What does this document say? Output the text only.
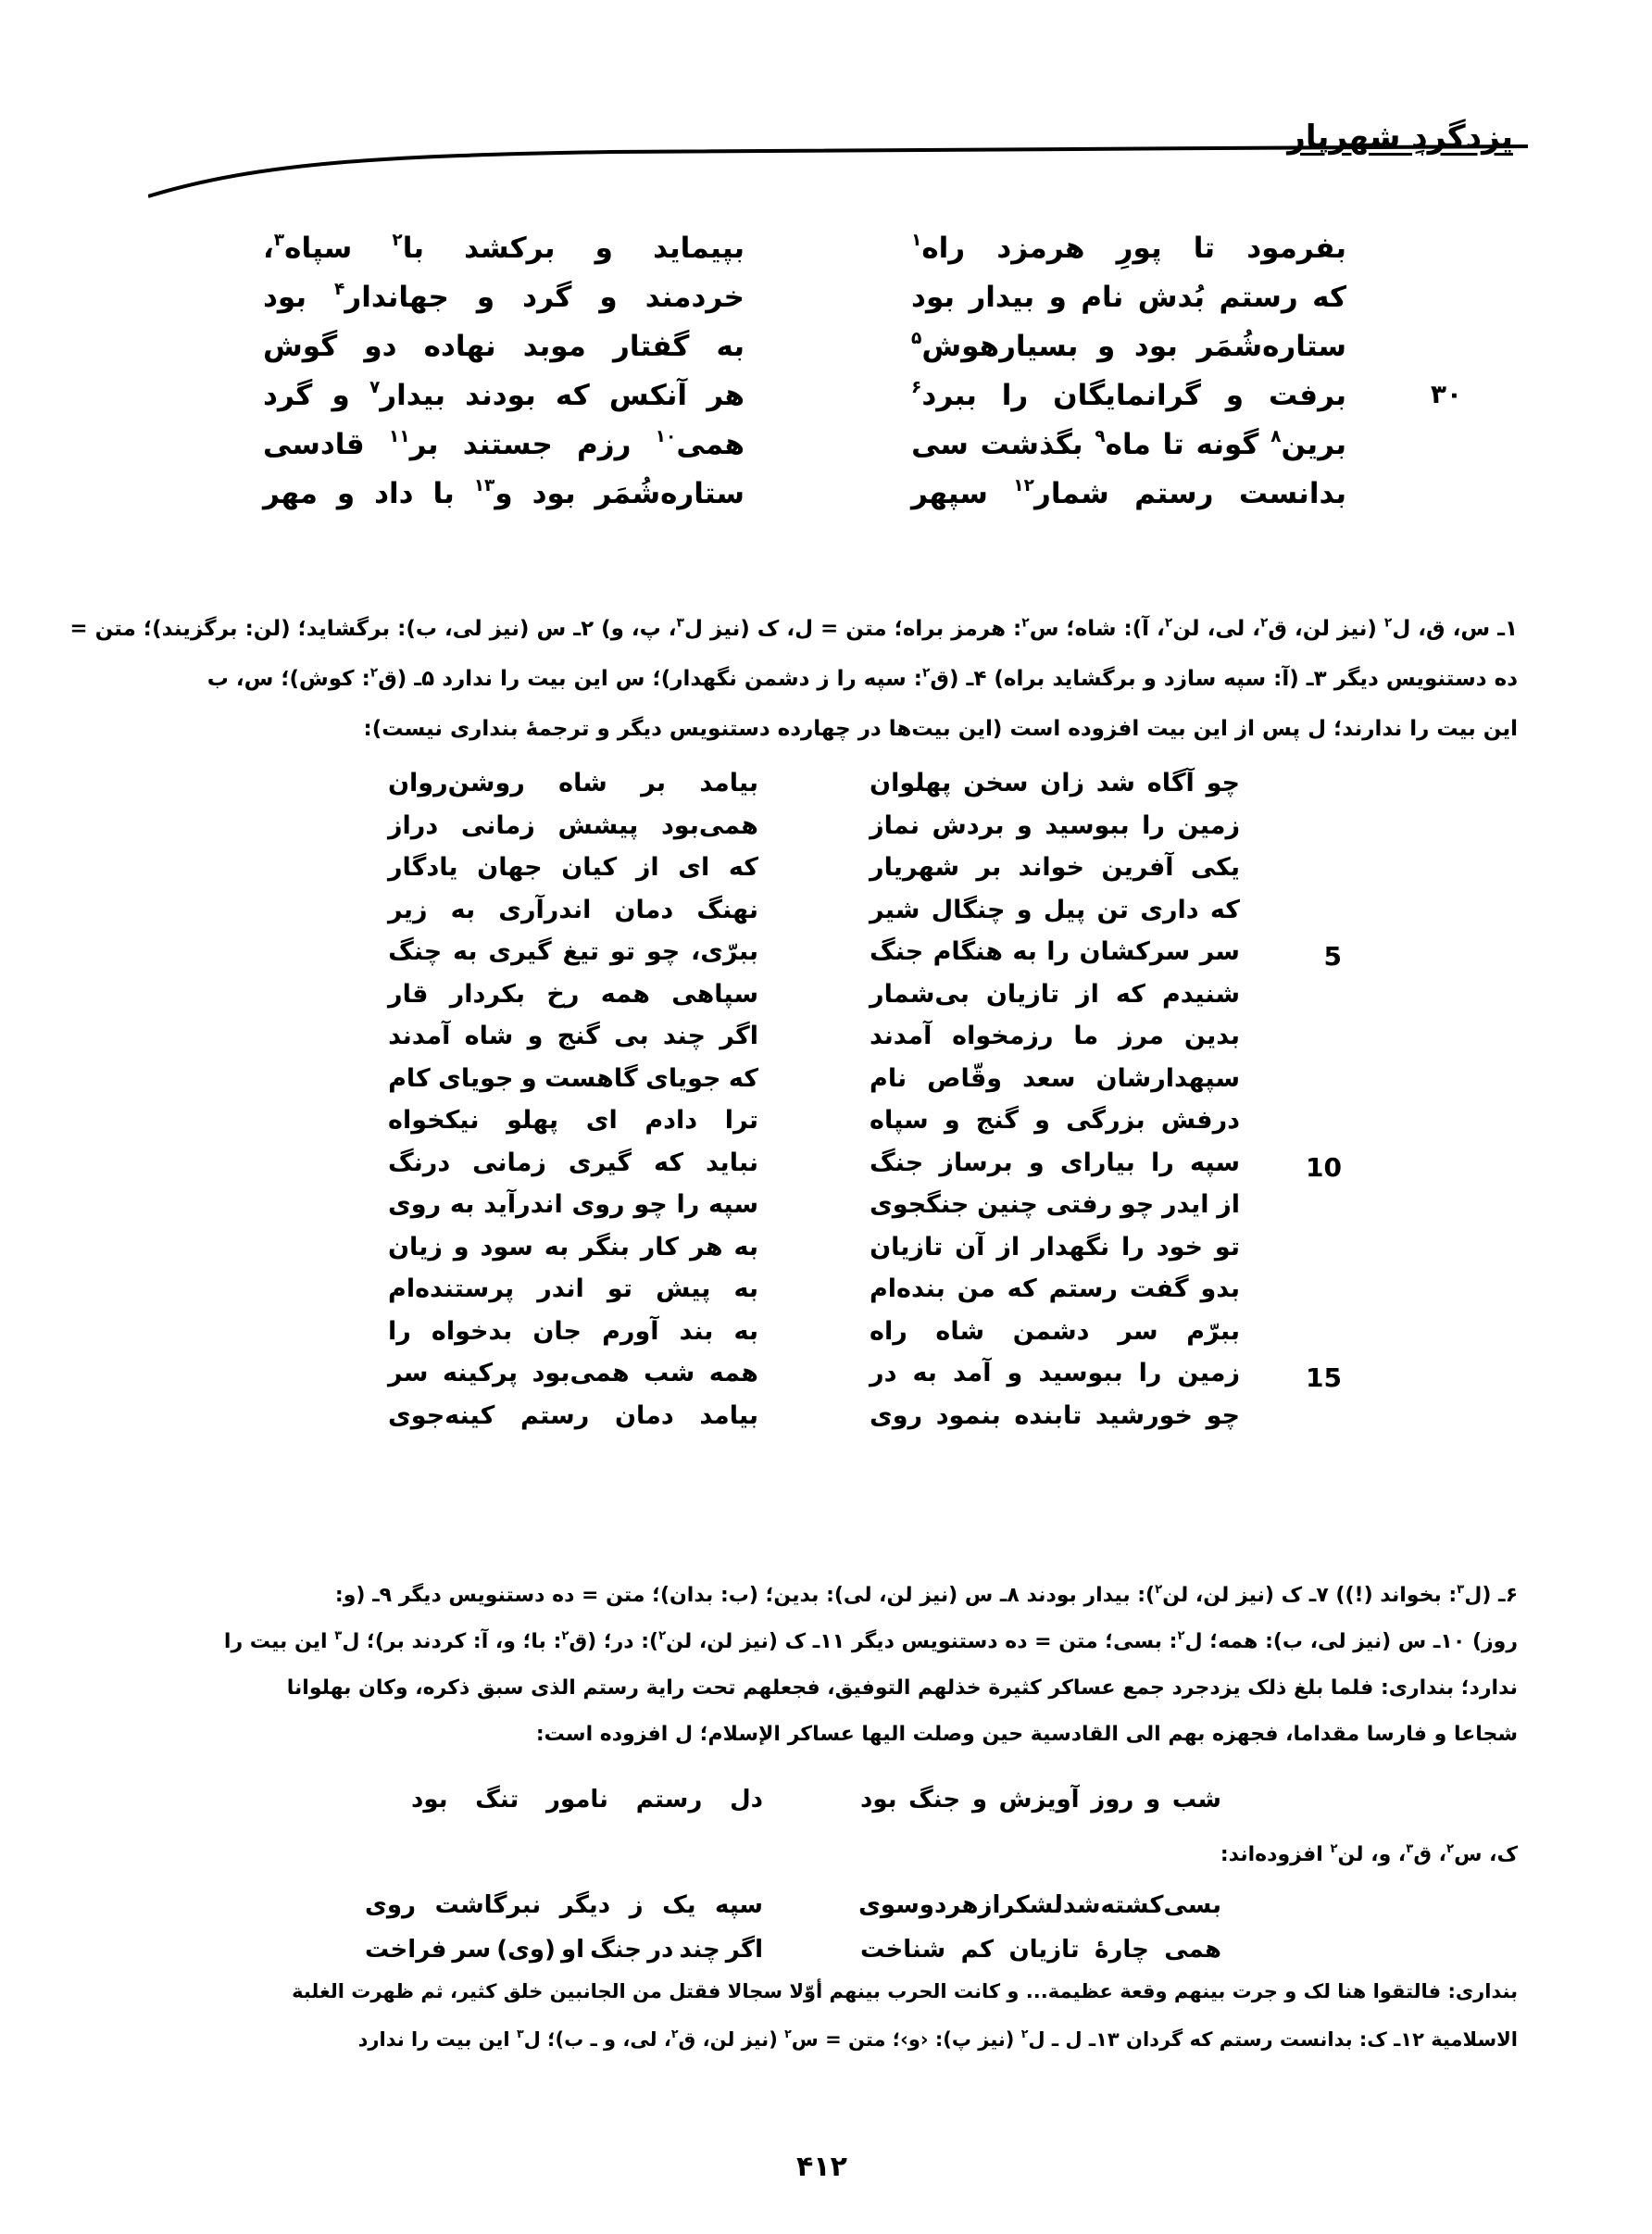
یزدگردِ شهریار
بفرمود
تا
پورِ
هرمزد
راه$^۱$
بپیماید
و
برکشد
با$^۲$
سپاه$^۳$،
که
رستم
بُدش
نام
و
بیدار
بود
خردمند
و
گرد
و
جهاندار$^۴$
بود
ستاره‌شُمَر
بود
و
بسیارهوش$^۵$
به
گفتار
موبد
نهاده
دو
گوش
برفت
و
گرانمایگان
را
ببرد$^۶$
هر
آنکس
که
بودند
بیدار$^۷$
و
گرد	۳۰
برین$^۸$
گونه
تا
ماه$^۹$
بگذشت
سی
همی$^{۱۰}$
رزم
جستند
بر$^{۱۱}$
قادسی
بدانست
رستم
شمار$^{۱۲}$
سپهر
ستاره‌شُمَر
بود
و$^{۱۳}$
با
داد
و
مهر
۱ـ س، ق، ل$^۲$ (نیز لن، ق$^۲$، لی، لن$^۲$، آ): شاه؛ س$^۲$: هرمز براه؛ متن = ل، ک (نیز ل$^۳$، پ، و) ۲ـ س (نیز لی، ب): برگشاید؛ (لن: برگزیند)؛ متن =
ده دستنویس دیگر ۳ـ (آ: سپه سازد و برگشاید براه) ۴ـ (ق$^۲$: سپه را ز دشمن نگهدار)؛ س این بیت را ندارد ۵ـ (ق$^۲$: کوش)؛ س، ب
این بیت را ندارند؛ ل پس از این بیت افزوده است (این بیت‌ها در چهارده دستنویس دیگر و ترجمهٔ بنداری نیست):
چو
آگاه
شد
زان
سخن
پهلوان
بیامد
بر
شاه
روشن‌روان
زمین
را
ببوسید
و
بردش
نماز
همی‌بود
پیشش
زمانی
دراز
یکی
آفرین
خواند
بر
شهریار
که
ای
از
کیان
جهان
یادگار
که
داری
تن
پیل
و
چنگال
شیر
نهنگ
دمان
اندرآری
به
زیر
سر
سرکشان
را
به
هنگام
جنگ
ببرّی،
چو
تو
تیغ
گیری
به
چنگ
شنیدم
که
از
تازیان
بی‌شمار
سپاهی
همه
رخ
بکردار
قار
بدین
مرز
ما
رزمخواه
آمدند
اگر
چند
بی
گنج
و
شاه
آمدند
سپهدارشان
سعد
وقّاص
نام
که
جویای
گاهست
و
جویای
کام
درفش
بزرگی
و
گنج
و
سپاه
ترا
دادم
ای
پهلو
نیکخواه
سپه
را
بیارای
و
برساز
جنگ
نباید
که
گیری
زمانی
درنگ
از
ایدر
چو
رفتی
چنین
جنگجوی
سپه
را
چو
روی
اندرآید
به
روی
تو
خود
را
نگهدار
از
آن
تازیان
به
هر
کار
بنگر
به
سود
و
زیان
بدو
گفت
رستم
که
من
بنده‌ام
به
پیش
تو
اندر
پرستنده‌ام
ببرّم
سر
دشمن
شاه
راه
به
بند
آورم
جان
بدخواه
را
زمین
را
ببوسید
و
آمد
به
در
همه
شب
همی‌بود
پرکینه
سر
چو
خورشید
تابنده
بنمود
روی
بیامد
دمان
رستم
کینه‌جوی
5
10
15
۶ـ (ل$^۳$: بخواند (!)) ۷ـ ک (نیز لن، لن$^۲$): بیدار بودند ۸ـ س (نیز لن، لی): بدین؛ (ب: بدان)؛ متن = ده دستنویس دیگر ۹ـ (و:
روز) ۱۰ـ س (نیز لی، ب): همه؛ ل$^۲$: بسی؛ متن = ده دستنویس دیگر ۱۱ـ ک (نیز لن، لن$^۲$): در؛ (ق$^۲$: با؛ و، آ: کردند بر)؛ ل$^۳$ این بیت را
ندارد؛ بنداری: فلما بلغ ذلک یزدجرد جمع عساکر کثیرة خذلهم التوفیق، فجعلهم تحت رایة رستم الذی سبق ذکره، وکان بهلوانا
شجاعا و فارسا مقداما، فجهزه بهم الی القادسیة حین وصلت الیها عساکر الإسلام؛ ل افزوده است:
شب
و
روز
آویزش
و
جنگ
بود
دل
رستم
نامور
تنگ
بود
ک، س$^۲$، ق$^۳$، و، لن$^۲$ افزوده‌اند:
بسی
کشته
شد
لشکر
از
هر
دو
سوی
سپه
یک
ز
دیگر
نبرگاشت
روی
همی
چارهٔ
تازیان
کم
شناخت
اگر
چند
در
جنگ
او
(وی)
سر
فراخت
بنداری: فالتقوا هنا لک و جرت بینهم وقعة عظیمة... و کانت الحرب بینهم أوّلا سجالا فقتل من الجانبین خلق کثیر، ثم ظهرت الغلبة
الاسلامیة ۱۲ـ ک: بدانست رستم که گردان ۱۳ـ ل ـ ل$^۲$ (نیز پ): ‹و›؛ متن = س$^۲$ (نیز لن، ق$^۲$، لی، و ـ ب)؛ ل$^۳$ این بیت را ندارد
۴۱۲
